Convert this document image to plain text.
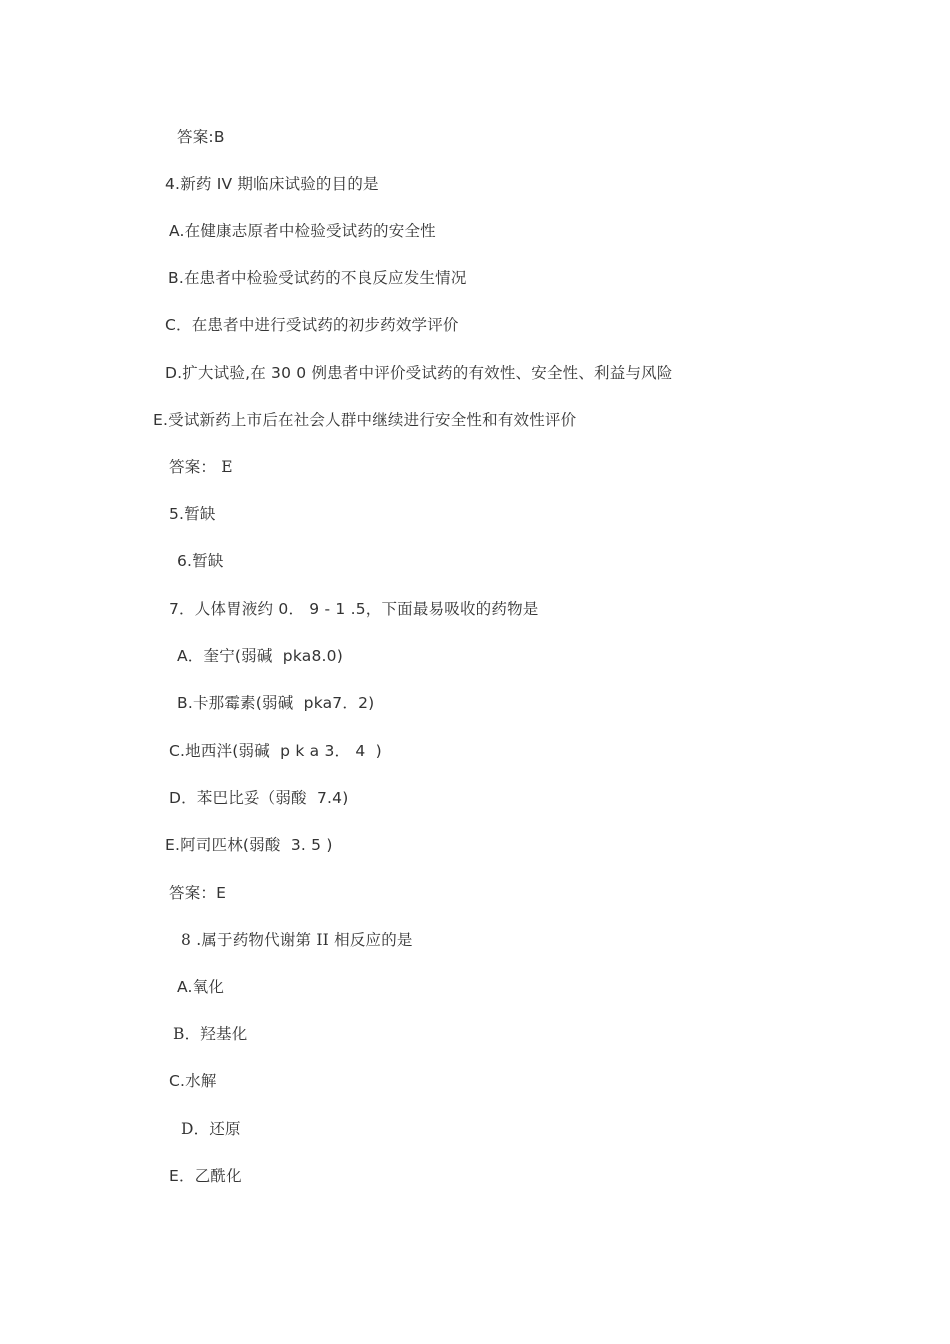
答案:B
4.新药 IV 期临床试验的目的是
A.在健康志原者中检验受试药的安全性
B.在患者中检验受试药的不良反应发生情况
C．在患者中进行受试药的初步药效学评价
D.扩大试验,在 30 0 例患者中评价受试药的有效性、安全性、利益与风险
E.受试新药上市后在社会人群中继续进行安全性和有效性评价
答案： E
5.暂缺
6.暂缺
7．人体胃液约 0． 9 - 1 .5，下面最易吸收的药物是
A．奎宁(弱碱  pka8.0)
B.卡那霉素(弱碱  pka7．2)
C.地西泮(弱碱  p k a 3． 4  )
D．苯巴比妥（弱酸  7.4)
E.阿司匹林(弱酸  3. 5 )
答案：E
8 .属于药物代谢第 II 相反应的是
A.氧化
B．羟基化
C.水解
D．还原
E．乙酰化
